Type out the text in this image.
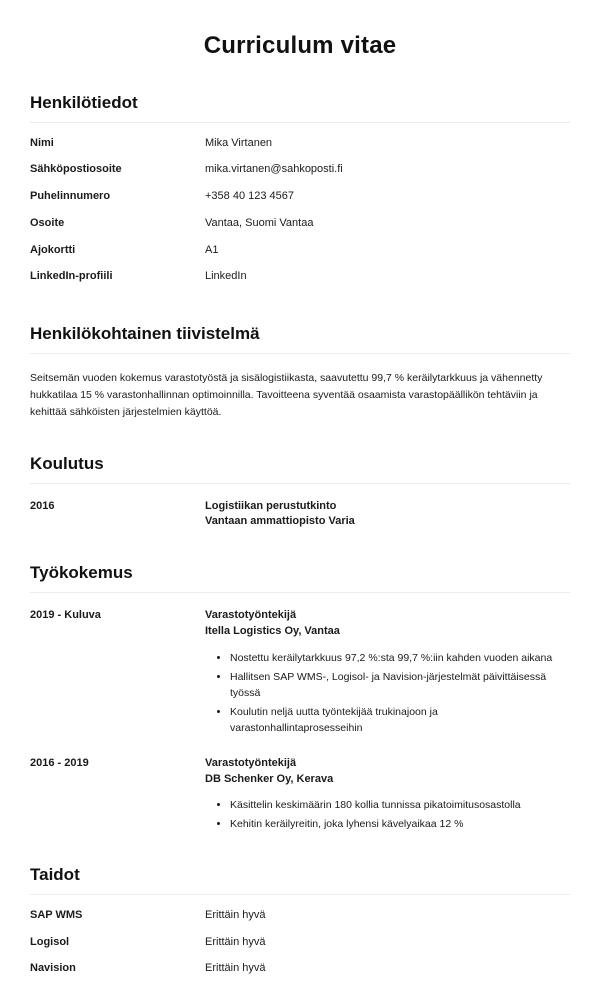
Curriculum vitae
Henkilötiedot
Nimi	Mika Virtanen
Sähköpostiosoite	mika.virtanen@sahkoposti.fi
Puhelinnumero	+358 40 123 4567
Osoite	Vantaa, Suomi Vantaa
Ajokortti	A1
LinkedIn-profiili	LinkedIn
Henkilökohtainen tiivistelmä

Seitsemän vuoden kokemus varastotyöstä ja sisälogistiikasta, saavutettu 99,7 % keräilytarkkuus ja vähennetty hukkatilaa 15 % varastonhallinnan optimoinnilla. Tavoitteena syventää osaamista varastopäällikön tehtäviin ja kehittää sähköisten järjestelmien käyttöä.

Koulutus
2016	Logistiikan perustutkinto
Vantaan ammattiopisto Varia
Työkokemus
2019 - Kuluva	Varastotyöntekijä
Itella Logistics Oy, Vantaa
• Nostettu keräilytarkkuus 97,2 %:sta 99,7 %:iin kahden vuoden aikana
• Hallitsen SAP WMS-, Logisol- ja Navision-järjestelmät päivittäisessä työssä
• Koulutin neljä uutta työntekijää trukinajoon ja varastonhallintaprosesseihin
2016 - 2019	Varastotyöntekijä
DB Schenker Oy, Kerava
• Käsittelin keskimäärin 180 kollia tunnissa pikatoimitusosastolla
• Kehitin keräilyreitin, joka lyhensi kävelyaikaa 12 %
Taidot
SAP WMS	Erittäin hyvä
Logisol	Erittäin hyvä
Navision	Erittäin hyvä
